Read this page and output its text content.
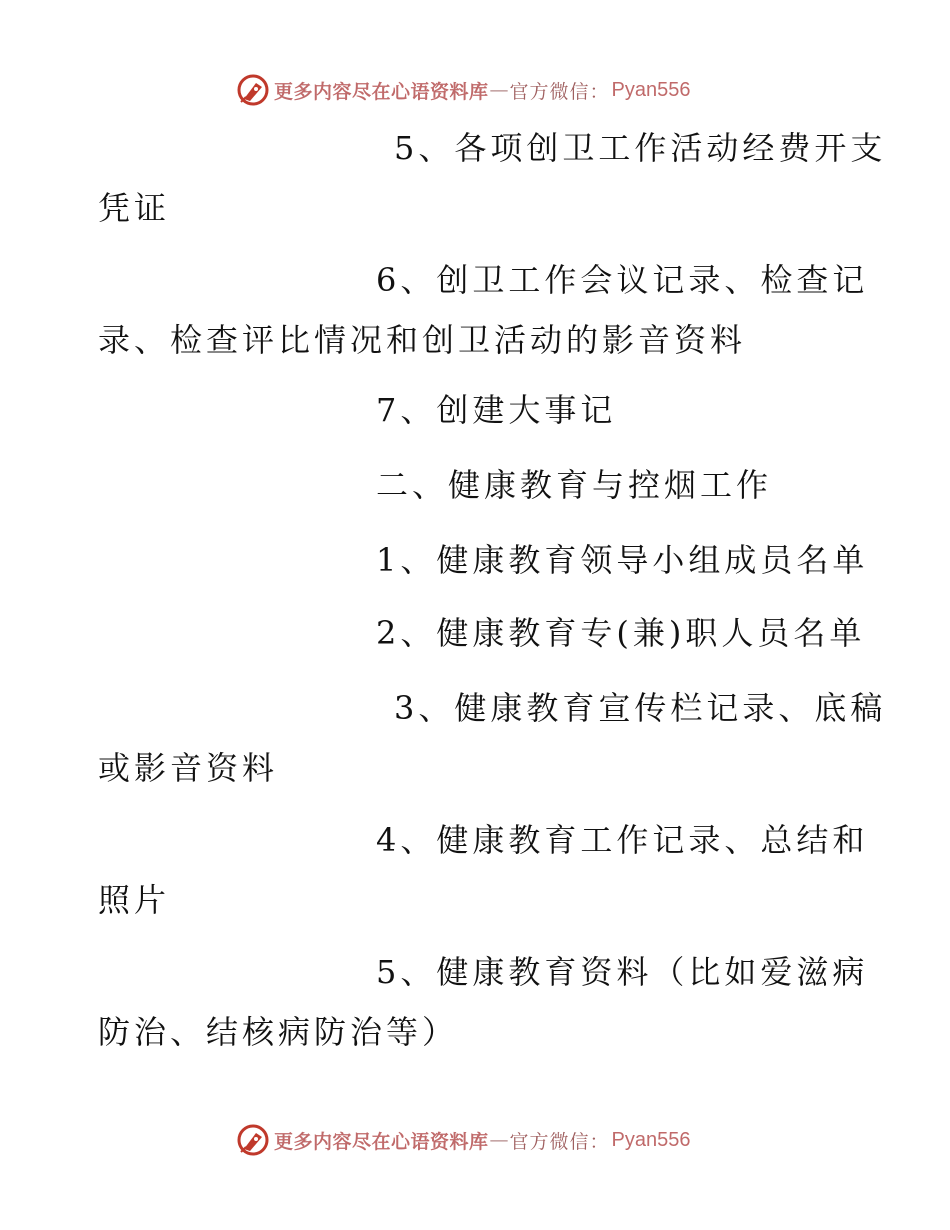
更多内容尽在心语资料库 — 官方微信： Pyan556
5、各项创卫工作活动经费开支
凭证
6、创卫工作会议记录、检查记
录、检查评比情况和创卫活动的影音资料
7、创建大事记
二、健康教育与控烟工作
1、健康教育领导小组成员名单
2、健康教育专(兼)职人员名单
3、健康教育宣传栏记录、底稿
或影音资料
4、健康教育工作记录、总结和
照片
5、健康教育资料（比如爱滋病
防治、结核病防治等）
更多内容尽在心语资料库 — 官方微信： Pyan556
